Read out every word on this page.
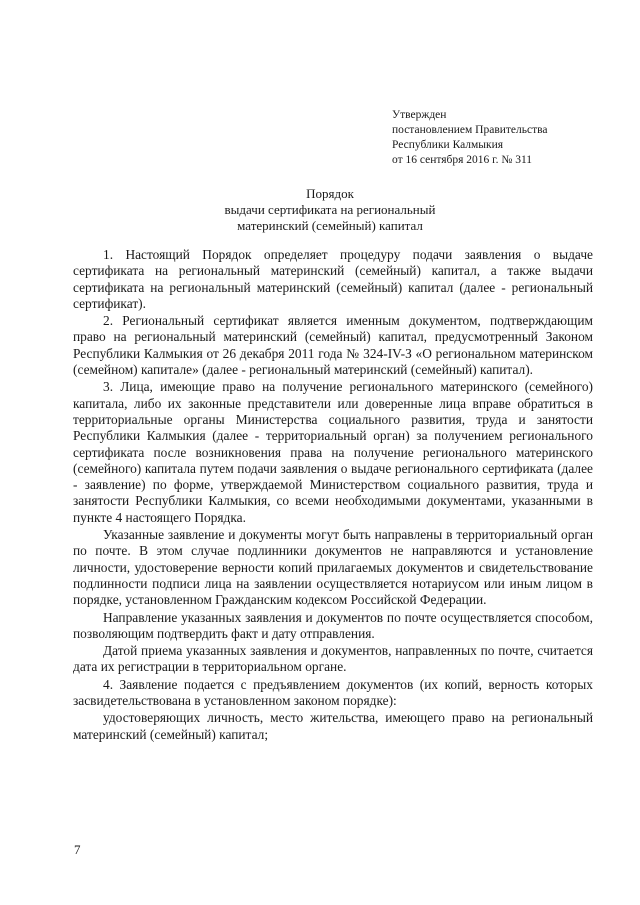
Утвержден
постановлением Правительства
Республики Калмыкия
от 16 сентября 2016 г. № 311
Порядок
выдачи сертификата на региональный
материнский (семейный) капитал

1. Настоящий Порядок определяет процедуру подачи заявления о выдаче сертификата на региональный материнский (семейный) капитал, а также выдачи сертификата на региональный материнский (семейный) капитал (далее - региональный сертификат).

2. Региональный сертификат является именным документом, подтверждающим право на региональный материнский (семейный) капитал, предусмотренный Законом Республики Калмыкия от 26 декабря 2011 года № 324-IV-З «О региональном материнском (семейном) капитале» (далее - региональный материнский (семейный) капитал).

3. Лица, имеющие право на получение регионального материнского (семейного) капитала, либо их законные представители или доверенные лица вправе обратиться в территориальные органы Министерства социального развития, труда и занятости Республики Калмыкия (далее - территориальный орган) за получением регионального сертификата после возникновения права на получение регионального материнского (семейного) капитала путем подачи заявления о выдаче регионального сертификата (далее - заявление) по форме, утверждаемой Министерством социального развития, труда и занятости Республики Калмыкия, со всеми необходимыми документами, указанными в пункте 4 настоящего Порядка.

Указанные заявление и документы могут быть направлены в территориальный орган по почте. В этом случае подлинники документов не направляются и установление личности, удостоверение верности копий прилагаемых документов и свидетельствование подлинности подписи лица на заявлении осуществляется нотариусом или иным лицом в порядке, установленном Гражданским кодексом Российской Федерации.

Направление указанных заявления и документов по почте осуществляется способом, позволяющим подтвердить факт и дату отправления.

Датой приема указанных заявления и документов, направленных по почте, считается дата их регистрации в территориальном органе.

4. Заявление подается с предъявлением документов (их копий, верность которых засвидетельствована в установленном законом порядке):

удостоверяющих личность, место жительства, имеющего право на региональный материнский (семейный) капитал;

7
